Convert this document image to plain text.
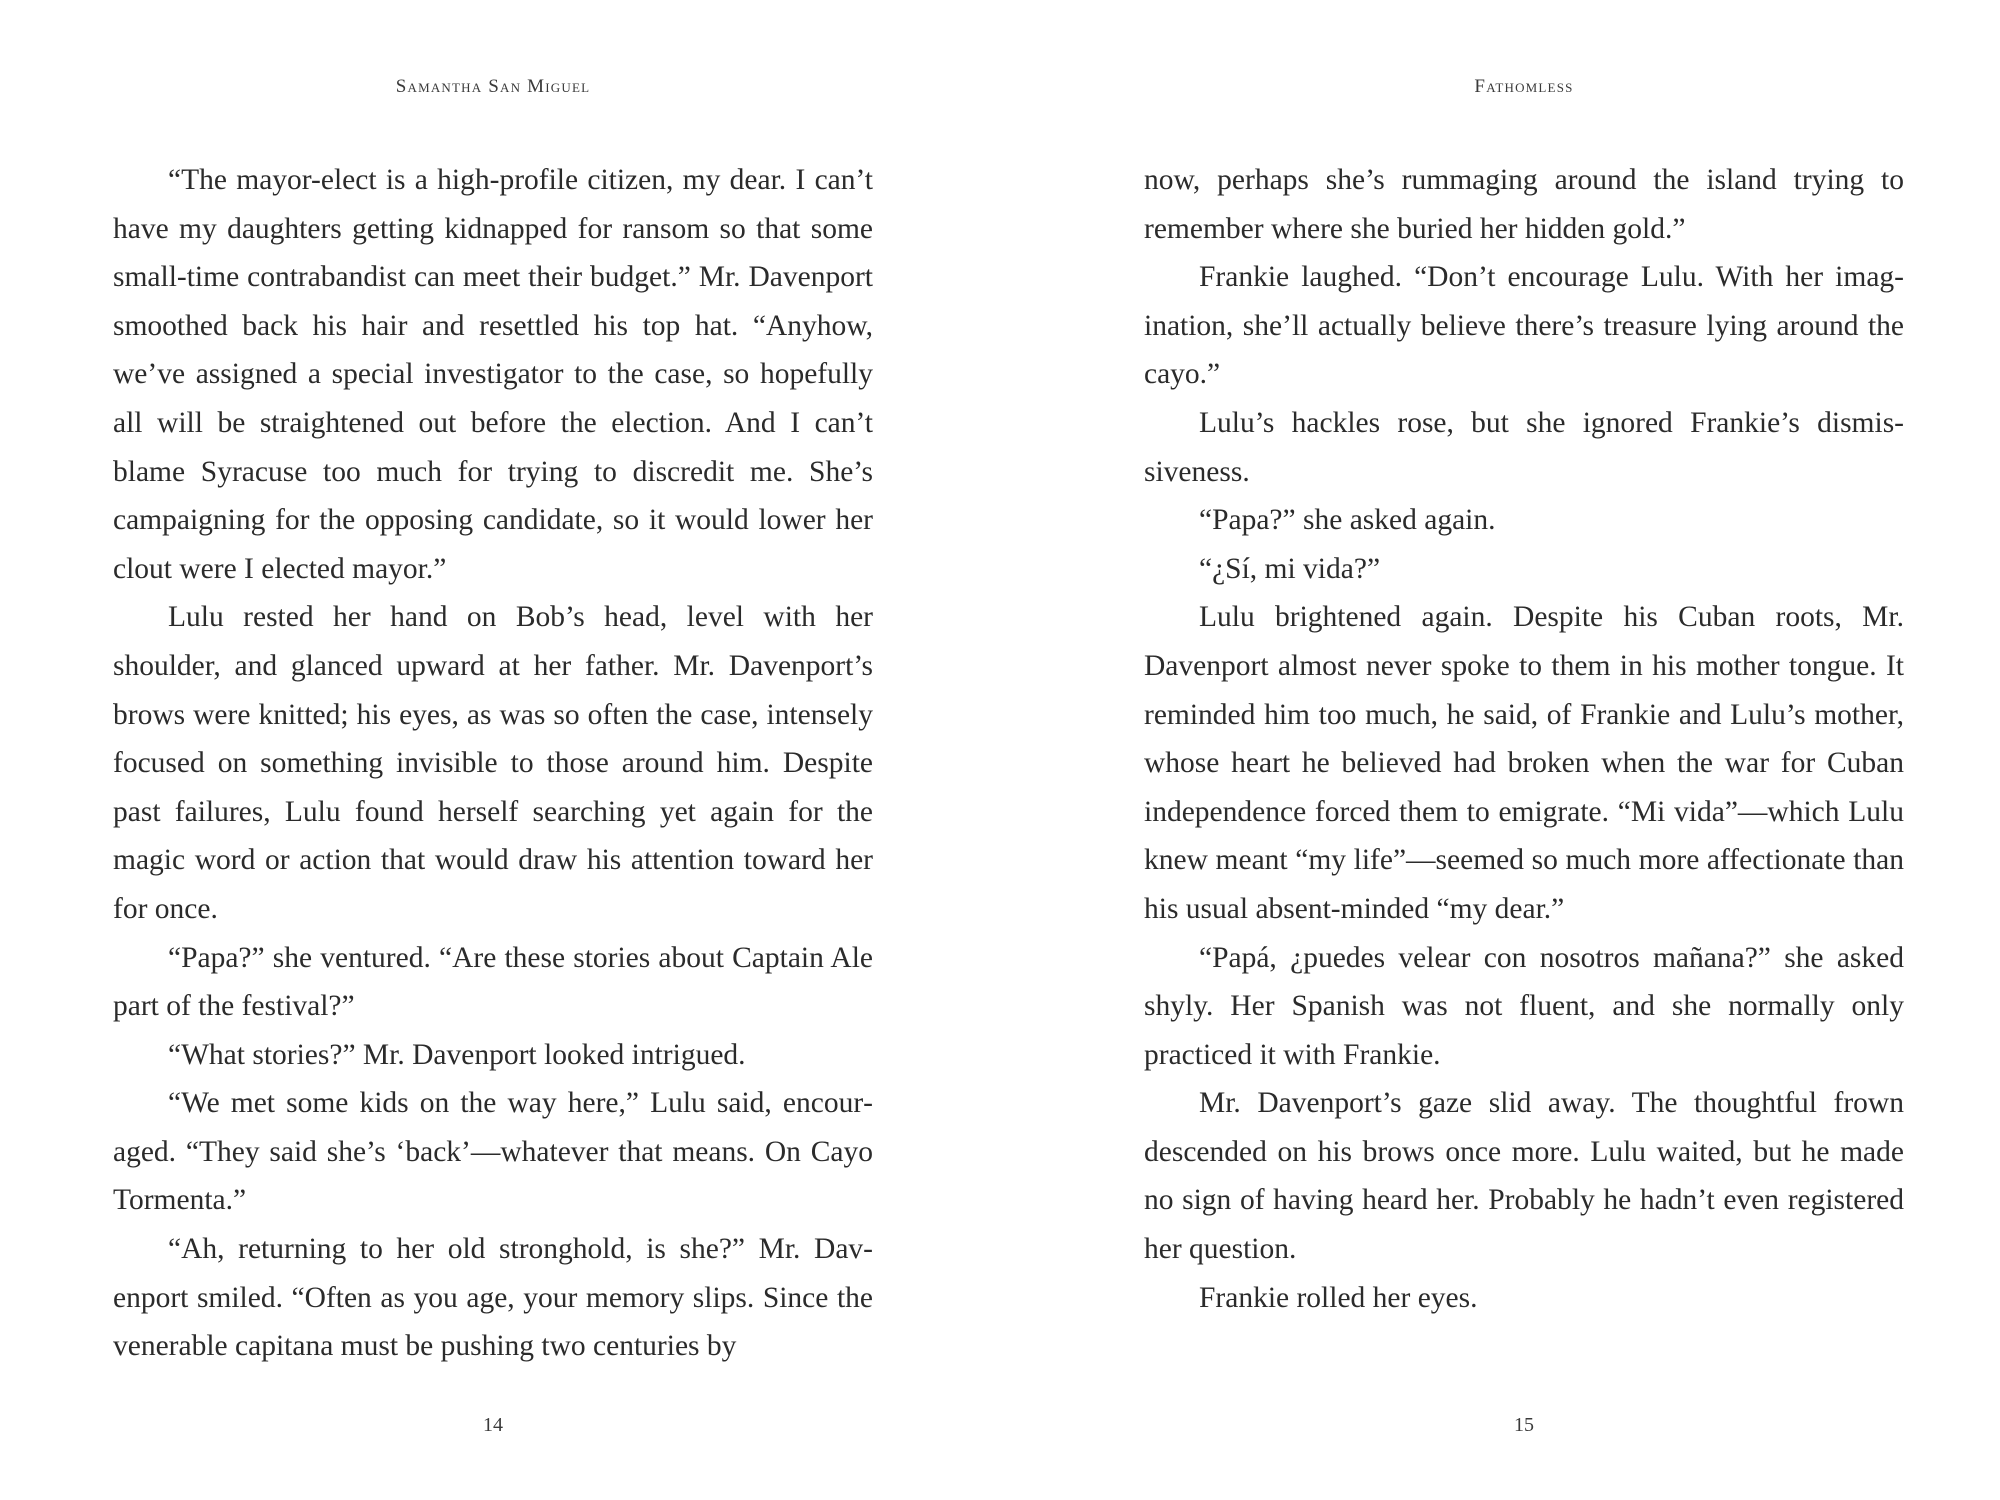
Samantha San Miguel

“The mayor-elect is a high-profile citizen, my dear. I can’t have my daughters getting kidnapped for ransom so that some small-time contrabandist can meet their budget.” Mr. Davenport smoothed back his hair and resettled his top hat. “Anyhow, we’ve assigned a special investigator to the case, so hopefully all will be straightened out before the election. And I can’t blame Syracuse too much for trying to discredit me. She’s campaigning for the opposing candidate, so it would lower her clout were I elected mayor.”

Lulu rested her hand on Bob’s head, level with her shoulder, and glanced upward at her father. Mr. Davenport’s brows were knitted; his eyes, as was so often the case, intensely focused on something invisible to those around him. Despite past failures, Lulu found herself searching yet again for the magic word or action that would draw his attention toward her for once.

“Papa?” she ventured. “Are these stories about Captain Ale part of the festival?”

“What stories?” Mr. Davenport looked intrigued.

“We met some kids on the way here,” Lulu said, encouraged. “They said she’s ‘back’—whatever that means. On Cayo Tormenta.”

“Ah, returning to her old stronghold, is she?” Mr. Davenport smiled. “Often as you age, your memory slips. Since the venerable capitana must be pushing two centuries by

14
Fathomless

now, perhaps she’s rummaging around the island trying to remember where she buried her hidden gold.”

Frankie laughed. “Don’t encourage Lulu. With her imagination, she’ll actually believe there’s treasure lying around the cayo.”

Lulu’s hackles rose, but she ignored Frankie’s dismissiveness.

“Papa?” she asked again.

“¿Sí, mi vida?”

Lulu brightened again. Despite his Cuban roots, Mr. Davenport almost never spoke to them in his mother tongue. It reminded him too much, he said, of Frankie and Lulu’s mother, whose heart he believed had broken when the war for Cuban independence forced them to emigrate. “Mi vida”—which Lulu knew meant “my life”—seemed so much more affectionate than his usual absent-minded “my dear.”

“Papá, ¿puedes velear con nosotros mañana?” she asked shyly. Her Spanish was not fluent, and she normally only practiced it with Frankie.

Mr. Davenport’s gaze slid away. The thoughtful frown descended on his brows once more. Lulu waited, but he made no sign of having heard her. Probably he hadn’t even registered her question.

Frankie rolled her eyes.

15
